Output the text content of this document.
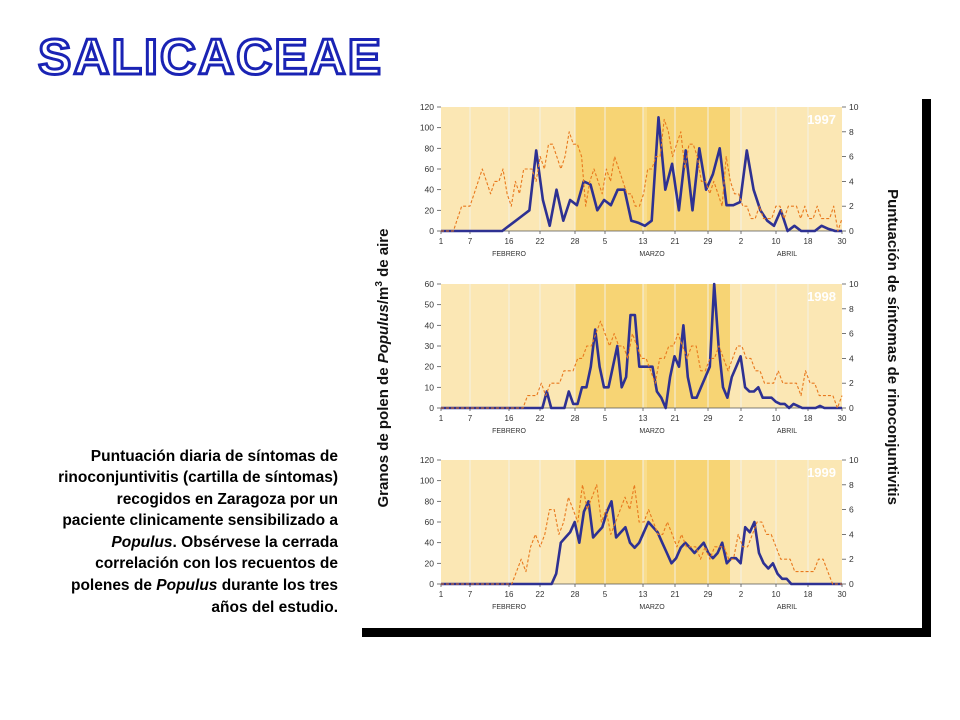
SALICACEAE

Puntuación diaria de síntomas de rinoconjuntivitis (cartilla de síntomas) recogidos en Zaragoza por un paciente clinicamente sensibilizado a Populus. Obsérvese la cerrada correlación con los recuentos de polenes de Populus durante los tres años del estudio.

Granos de polen de Populus/$m^3$ de aire	Puntuación de síntomas de rinoconjuntivitis
0
20
40
60
80
100
120
0
2
4
6
8
10
1	7	16	22	28	5	13	21	29	2	10	18	30
FEBRERO	MARZO	ABRIL
1997
0
10
20
30
40
50
60
0
2
4
6
8
10
1	7	16	22	28	5	13	21	29	2	10	18	30
FEBRERO	MARZO	ABRIL
1998
0
20
40
60
80
100
120
0
2
4
6
8
10
1	7	16	22	28	5	13	21	29	2	10	18	30
FEBRERO	MARZO	ABRIL
1999
